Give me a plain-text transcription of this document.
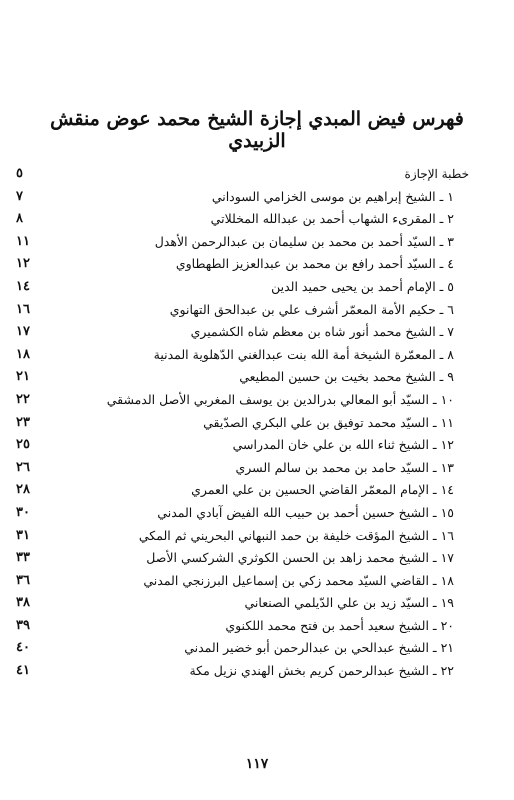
فهرس فيض المبدي إجازة الشيخ محمد عوض منقش الزبيدي
خطبة الإجازة
٥
١ ـ الشيخ إبراهيم بن موسى الخزامي السوداني
٧
٢ ـ المقرىء الشهاب أحمد بن عبدالله المخللاتي
٨
٣ ـ السيّد أحمد بن محمد بن سليمان بن عبدالرحمن الأهدل
١١
٤ ـ السيّد أحمد رافع بن محمد بن عبدالعزيز الطهطاوي
١٢
٥ ـ الإمام أحمد بن يحيى حميد الدين
١٤
٦ ـ حكيم الأمة المعمّر أشرف علي بن عبدالحق التهانوي
١٦
٧ ـ الشيخ محمد أنور شاه بن معظم شاه الكشميري
١٧
٨ ـ المعمّرة الشيخة أمة الله بنت عبدالغني الدّهلوية المدنية
١٨
٩ ـ الشيخ محمد بخيت بن حسين المطيعي
٢١
١٠ ـ السيّد أبو المعالي بدرالدين بن يوسف المغربي الأصل الدمشقي
٢٢
١١ ـ السيّد محمد توفيق بن علي البكري الصدّيقي
٢٣
١٢ ـ الشيخ ثناء الله بن علي خان المدراسي
٢٥
١٣ ـ السيّد حامد بن محمد بن سالم السري
٢٦
١٤ ـ الإمام المعمّر القاضي الحسين بن علي العمري
٢٨
١٥ ـ الشيخ حسين أحمد بن حبيب الله الفيض آبادي المدني
٣٠
١٦ ـ الشيخ المؤقت خليفة بن حمد النبهاني البحريني ثم المكي
٣١
١٧ ـ الشيخ محمد زاهد بن الحسن الكوثري الشركسي الأصل
٣٣
١٨ ـ القاضي السيّد محمد زكي بن إسماعيل البرزنجي المدني
٣٦
١٩ ـ السيّد زيد بن علي الدّيلمي الصنعاني
٣٨
٢٠ ـ الشيخ سعيد أحمد بن فتح محمد اللكنوي
٣٩
٢١ ـ الشيخ عبدالحي بن عبدالرحمن أبو خضير المدني
٤٠
٢٢ ـ الشيخ عبدالرحمن كريم بخش الهندي نزيل مكة
٤١
١١٧
